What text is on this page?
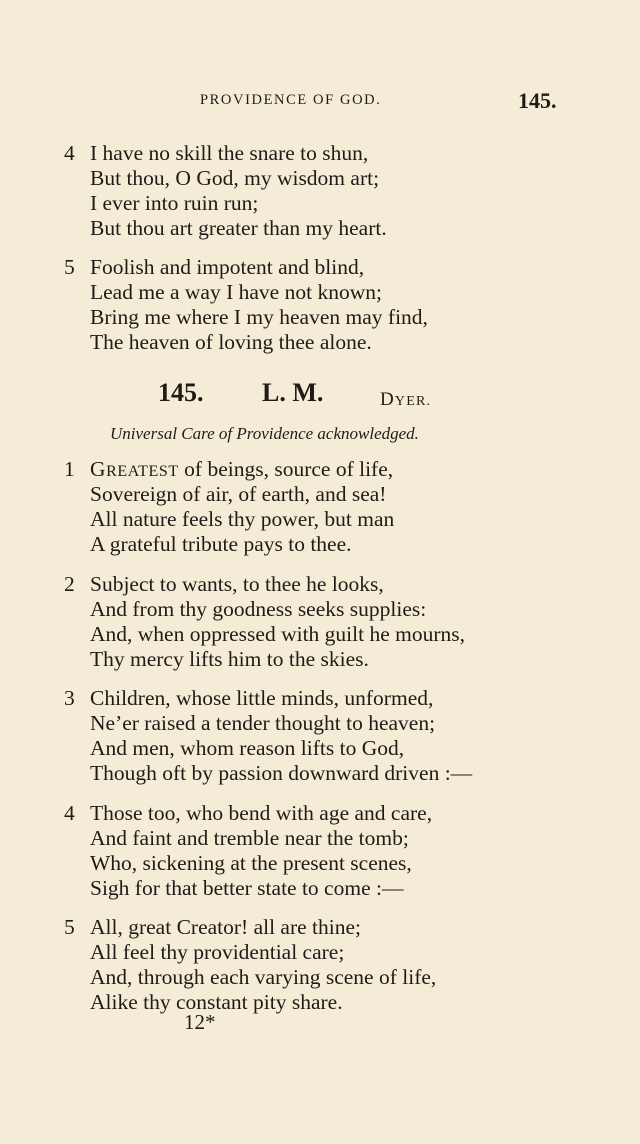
PROVIDENCE OF GOD.	145.
4 I have no skill the snare to shun,
But thou, O God, my wisdom art;
I ever into ruin run;
But thou art greater than my heart.
5 Foolish and impotent and blind,
Lead me a way I have not known;
Bring me where I my heaven may find,
The heaven of loving thee alone.
145. L. M.	DYER.
Universal Care of Providence acknowledged.
1 GREATEST of beings, source of life,
Sovereign of air, of earth, and sea!
All nature feels thy power, but man
A grateful tribute pays to thee.
2 Subject to wants, to thee he looks,
And from thy goodness seeks supplies:
And, when oppressed with guilt he mourns,
Thy mercy lifts him to the skies.
3 Children, whose little minds, unformed,
Ne’er raised a tender thought to heaven;
And men, whom reason lifts to God,
Though oft by passion downward driven :—
4 Those too, who bend with age and care,
And faint and tremble near the tomb;
Who, sickening at the present scenes,
Sigh for that better state to come :—
5 All, great Creator! all are thine;
All feel thy providential care;
And, through each varying scene of life,
Alike thy constant pity share.
12*
